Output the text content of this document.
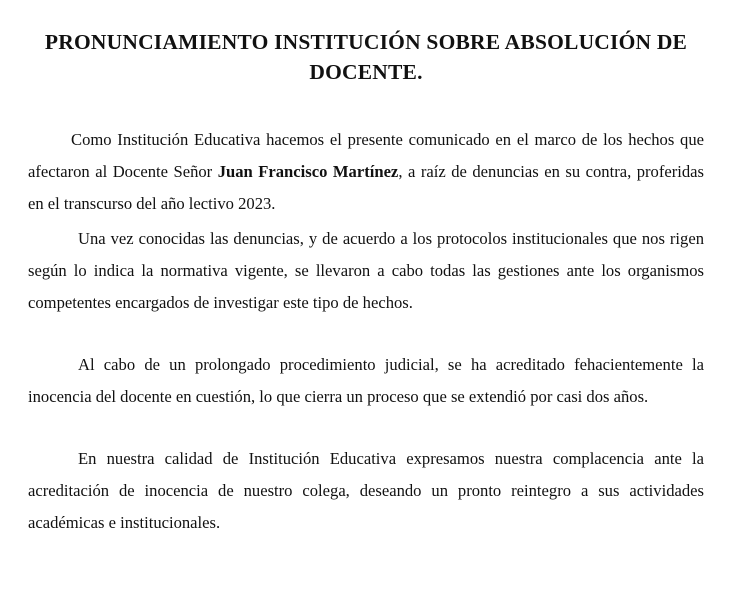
PRONUNCIAMIENTO INSTITUCIÓN SOBRE ABSOLUCIÓN DE DOCENTE.

Como Institución Educativa hacemos el presente comunicado en el marco de los hechos que afectaron al Docente Señor Juan Francisco Martínez, a raíz de denuncias en su contra, proferidas en el transcurso del año lectivo 2023.

Una vez conocidas las denuncias, y de acuerdo a los protocolos institucionales que nos rigen según lo indica la normativa vigente, se llevaron a cabo todas las gestiones ante los organismos competentes encargados de investigar este tipo de hechos.

Al cabo de un prolongado procedimiento judicial, se ha acreditado fehacientemente la inocencia del docente en cuestión, lo que cierra un proceso que se extendió por casi dos años.

En nuestra calidad de Institución Educativa expresamos nuestra complacencia ante la acreditación de inocencia de nuestro colega, deseando un pronto reintegro a sus actividades académicas e institucionales.
